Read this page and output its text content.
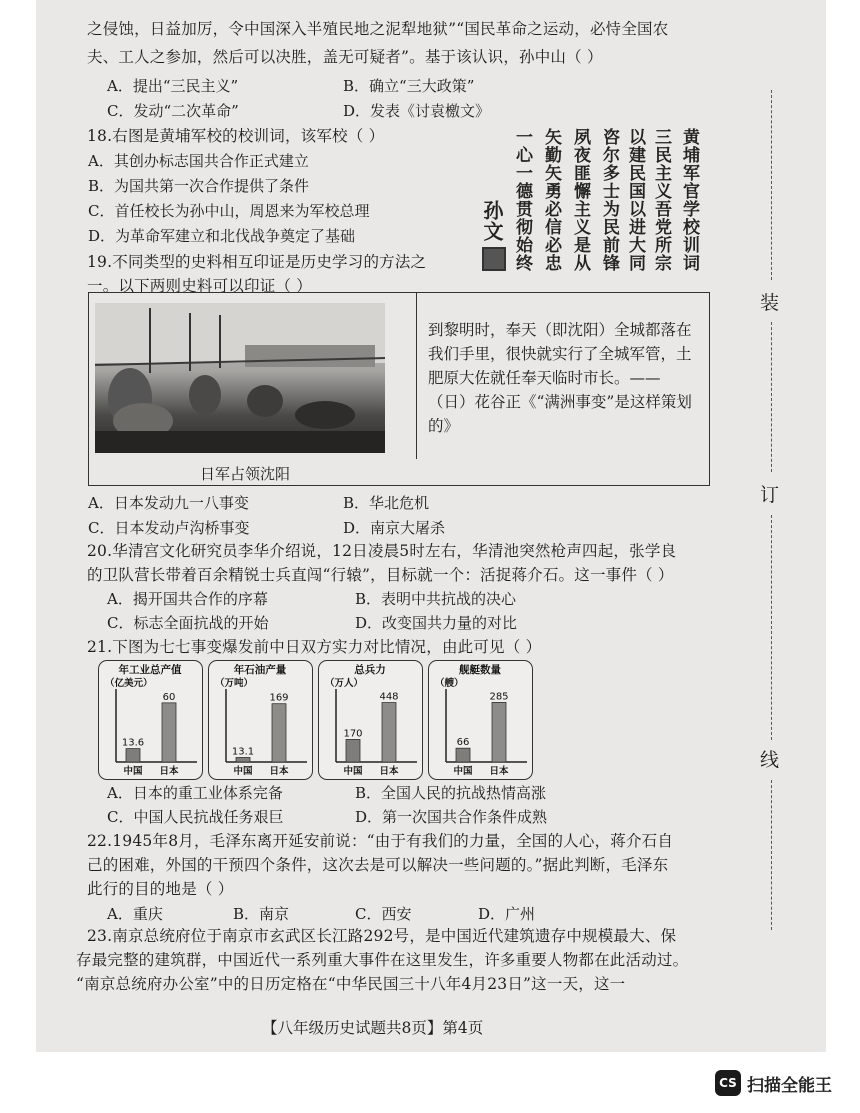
之侵蚀，日益加厉，令中国深入半殖民地之泥犁地狱”“国民革命之运动，必恃全国农
夫、工人之参加，然后可以决胜，盖无可疑者”。基于该认识，孙中山（ ）
A．提出“三民主义”	B．确立“三大政策”
C．发动“二次革命”	D．发表《讨袁檄文》
18.右图是黄埔军校的校训词，该军校（ ）
A．其创办标志国共合作正式建立
B．为国共第一次合作提供了条件
C．首任校长为孙中山，周恩来为军校总理
D．为革命军建立和北伐战争奠定了基础	黄埔军官学校训词
三民主义吾党所宗
以建民国以进大同
咨尔多士为民前锋
夙夜匪懈主义是从
矢勤矢勇必信必忠
一心一德贯彻始终
孙文
19.不同类型的史料相互印证是历史学习的方法之
一。以下两则史料可以印证（ ）
日军占领沈阳
到黎明时，奉天（即沈阳）全城都落在我们手里，很快就实行了全城军管，土肥原大佐就任奉天临时市长。——（日）花谷正《“满洲事变”是这样策划的》
A．日本发动九一八事变	B．华北危机
C．日本发动卢沟桥事变	D．南京大屠杀
20.华清宫文化研究员李华介绍说，12日凌晨5时左右，华清池突然枪声四起，张学良
的卫队营长带着百余精锐士兵直闯“行辕”，目标就一个：活捉蒋介石。这一事件（ ）
A．揭开国共合作的序幕	B．表明中共抗战的决心
C．标志全面抗战的开始	D．改变国共力量的对比
21.下图为七七事变爆发前中日双方实力对比情况，由此可见（ ）
年工业总产值
（亿美元）
13.6
中国
60
日本
年石油产量
（万吨）
13.1
中国
169
日本
总兵力
（万人）
170
中国
448
日本
舰艇数量
（艘）
66
中国
285
日本
A．日本的重工业体系完备	B．全国人民的抗战热情高涨
C．中国人民抗战任务艰巨	D．第一次国共合作条件成熟
22.1945年8月，毛泽东离开延安前说：“由于有我们的力量，全国的人心，蒋介石自
己的困难，外国的干预四个条件，这次去是可以解决一些问题的。”据此判断，毛泽东
此行的目的地是（ ）
A．重庆	B．南京	C．西安	D．广州
23.南京总统府位于南京市玄武区长江路292号，是中国近代建筑遗存中规模最大、保
存最完整的建筑群，中国近代一系列重大事件在这里发生，许多重要人物都在此活动过。
“南京总统府办公室”中的日历定格在“中华民国三十八年4月23日”这一天，这一
装
订
线
【八年级历史试题共8页】第4页
CS 扫描全能王
